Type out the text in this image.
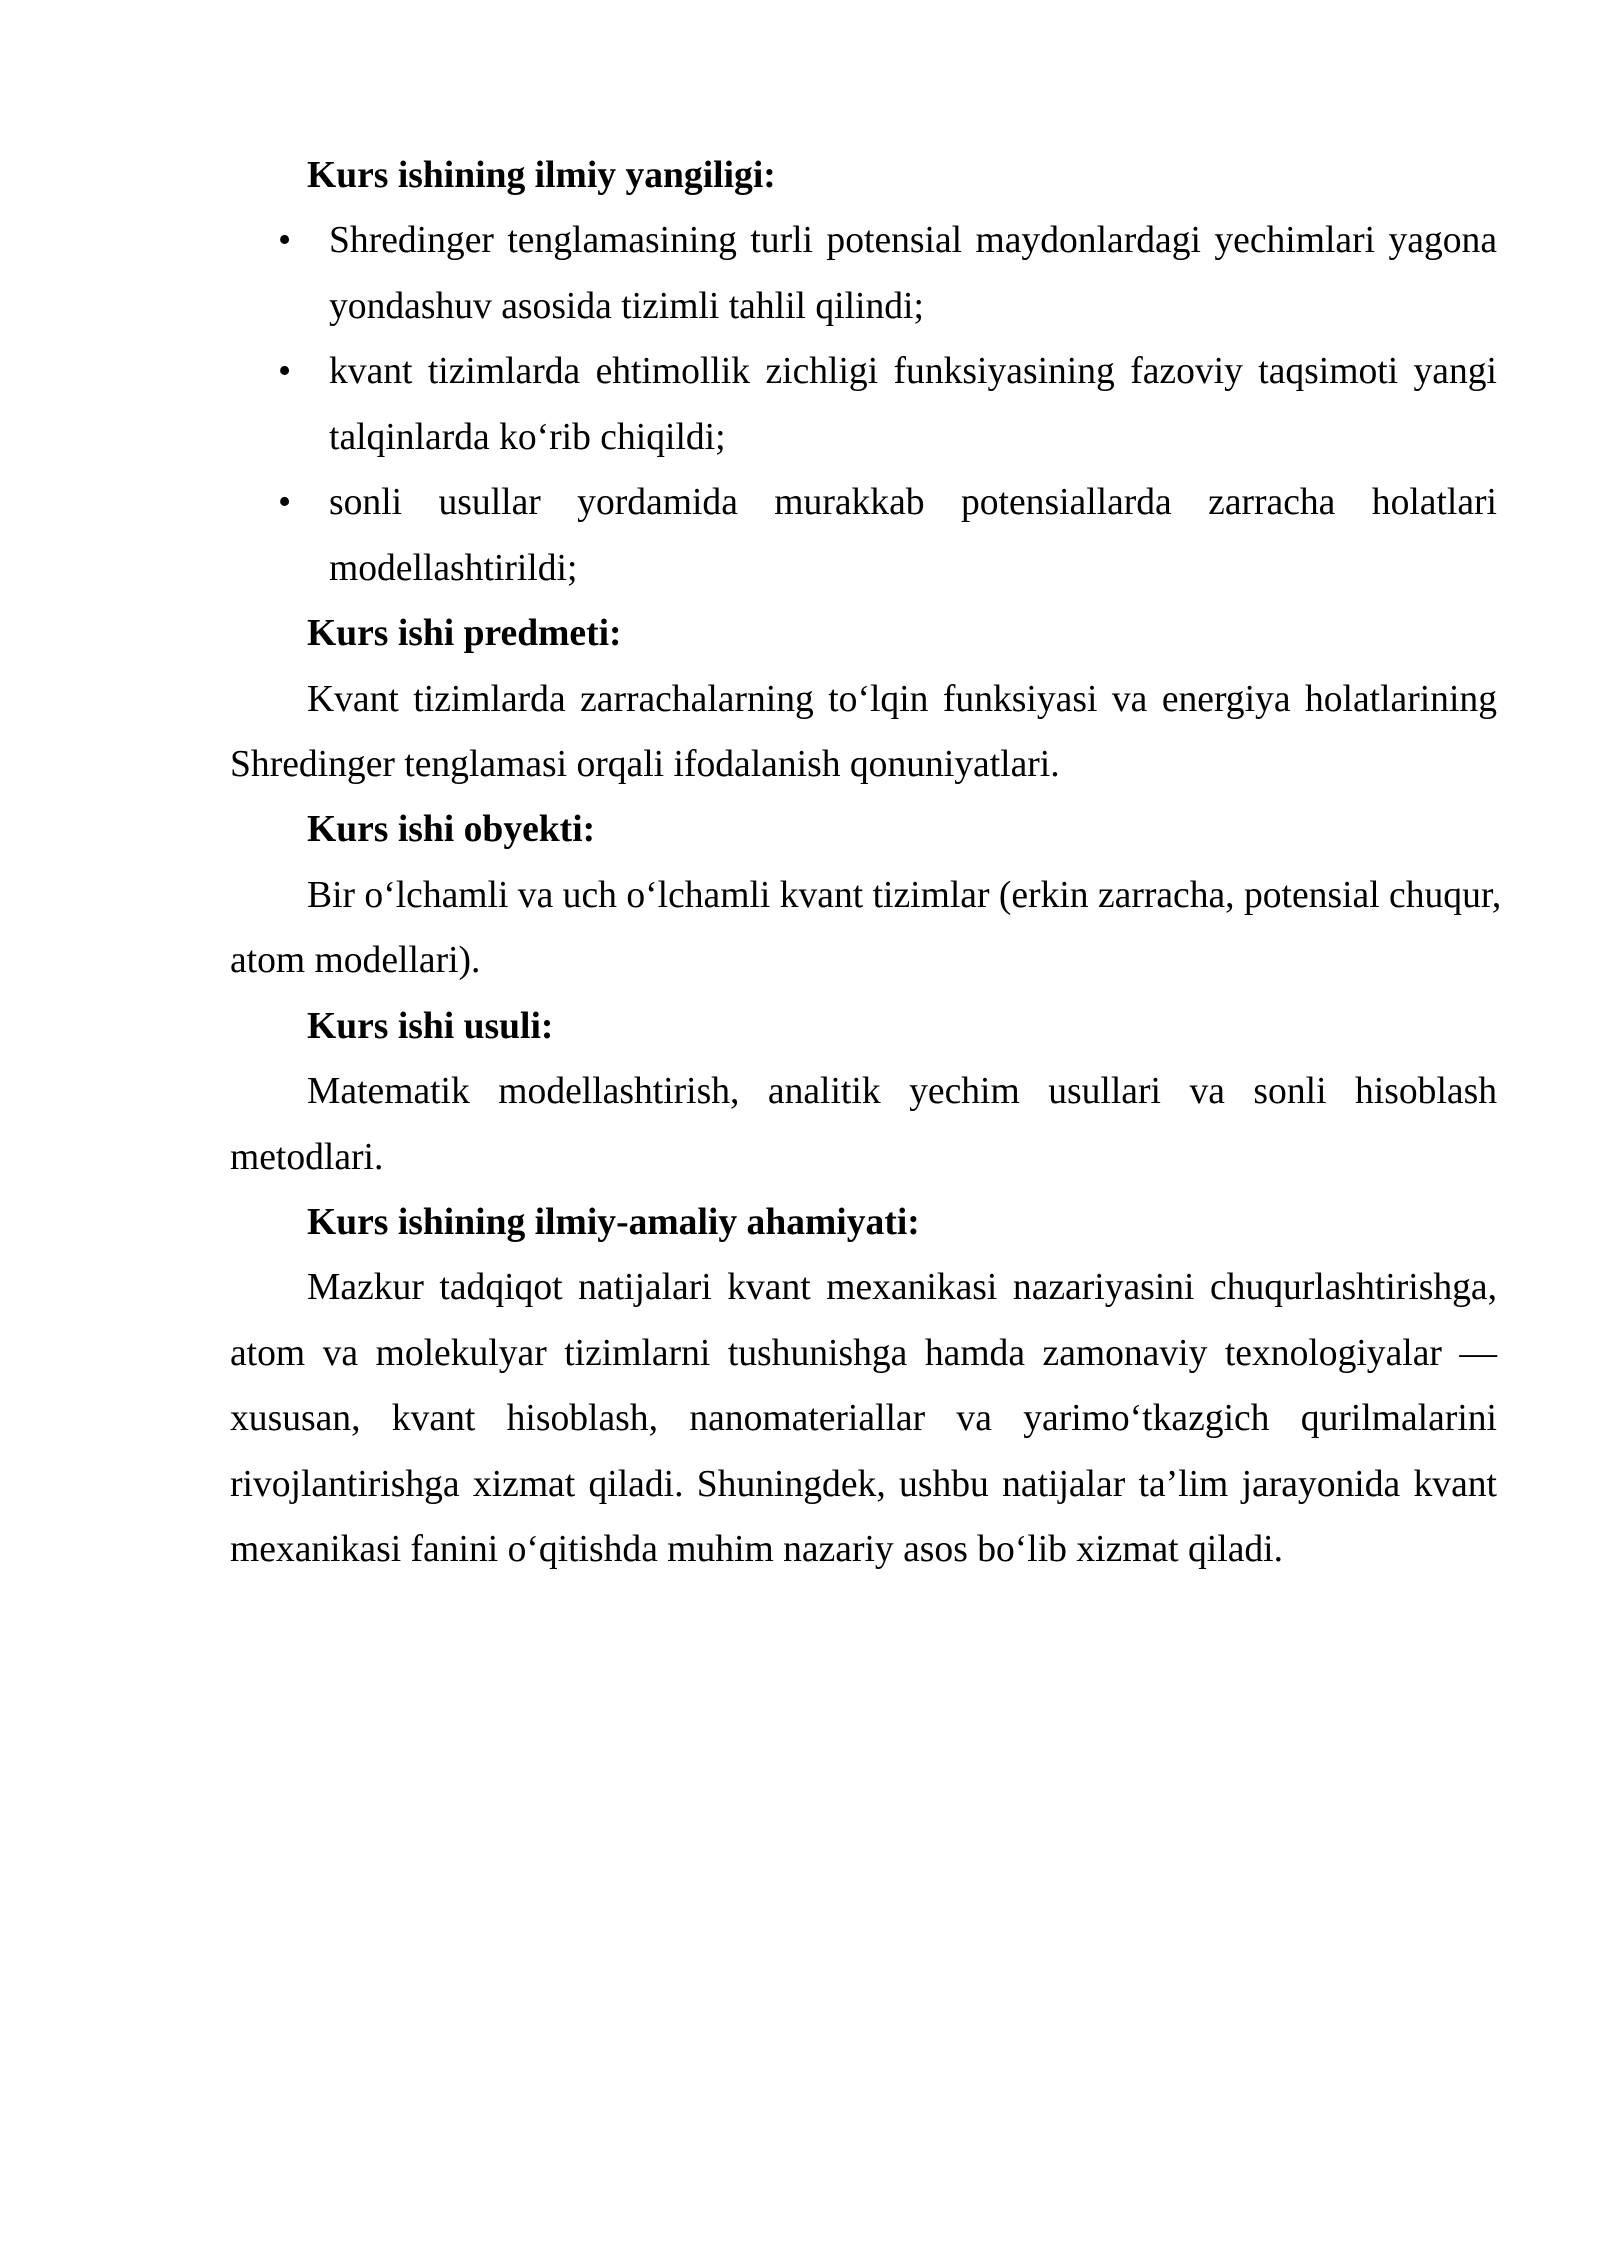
Kurs ishining ilmiy yangiligi:
• Shredinger tenglamasining turli potensial maydonlardagi yechimlari yagona
yondashuv asosida tizimli tahlil qilindi;
• kvant tizimlarda ehtimollik zichligi funksiyasining fazoviy taqsimoti yangi
talqinlarda ko‘rib chiqildi;
• sonli usullar yordamida murakkab potensiallarda zarracha holatlari
modellashtirildi;
Kurs ishi predmeti:
Kvant tizimlarda zarrachalarning to‘lqin funksiyasi va energiya holatlarining
Shredinger tenglamasi orqali ifodalanish qonuniyatlari.
Kurs ishi obyekti:
Bir o‘lchamli va uch o‘lchamli kvant tizimlar (erkin zarracha, potensial chuqur,
atom modellari).
Kurs ishi usuli:
Matematik modellashtirish, analitik yechim usullari va sonli hisoblash
metodlari.
Kurs ishining ilmiy-amaliy ahamiyati:
Mazkur tadqiqot natijalari kvant mexanikasi nazariyasini chuqurlashtirishga,
atom va molekulyar tizimlarni tushunishga hamda zamonaviy texnologiyalar —
xususan, kvant hisoblash, nanomateriallar va yarimo‘tkazgich qurilmalarini
rivojlantirishga xizmat qiladi. Shuningdek, ushbu natijalar ta’lim jarayonida kvant
mexanikasi fanini o‘qitishda muhim nazariy asos bo‘lib xizmat qiladi.
